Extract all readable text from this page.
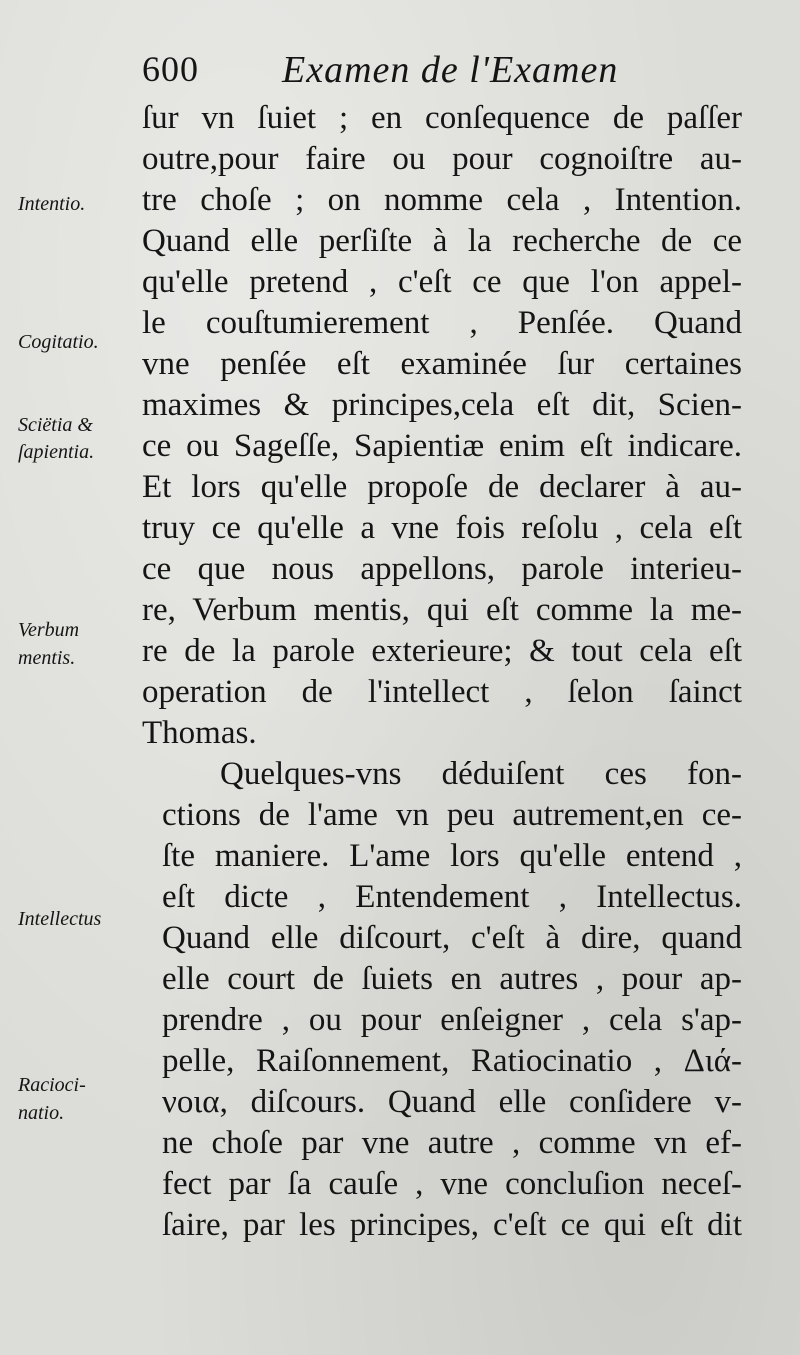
600 Examen de l'Examen
Intentio.
Cogitatio.
Sciëtia &
ſapientia.
Verbum
mentis.
Intellectus
Racioci-
natio.
ſur vn ſuiet ; en conſequence de paſſer
outre,pour faire ou pour cognoiſtre au-
tre choſe ; on nomme cela , Intention.
Quand elle perſiſte à la recherche de ce
qu'elle pretend , c'eſt ce que l'on appel-
le couſtumierement , Penſée. Quand
vne penſée eſt examinée ſur certaines
maximes & principes,cela eſt dit, Scien-
ce ou Sageſſe, Sapientiæ enim eſt indicare.
Et lors qu'elle propoſe de declarer à au-
truy ce qu'elle a vne fois reſolu , cela eſt
ce que nous appellons, parole interieu-
re, Verbum mentis, qui eſt comme la me-
re de la parole exterieure; & tout cela eſt
operation de l'intellect , ſelon ſainct
Thomas.
Quelques-vns déduiſent ces fon-
ctions de l'ame vn peu autrement,en ce-
ſte maniere. L'ame lors qu'elle entend ,
eſt dicte , Entendement , Intellectus.
Quand elle diſcourt, c'eſt à dire, quand
elle court de ſuiets en autres , pour ap-
prendre , ou pour enſeigner , cela s'ap-
pelle, Raiſonnement, Ratiocinatio , Διά-
νοια, diſcours. Quand elle conſidere v-
ne choſe par vne autre , comme vn ef-
fect par ſa cauſe , vne concluſion neceſ-
ſaire, par les principes, c'eſt ce qui eſt dit
